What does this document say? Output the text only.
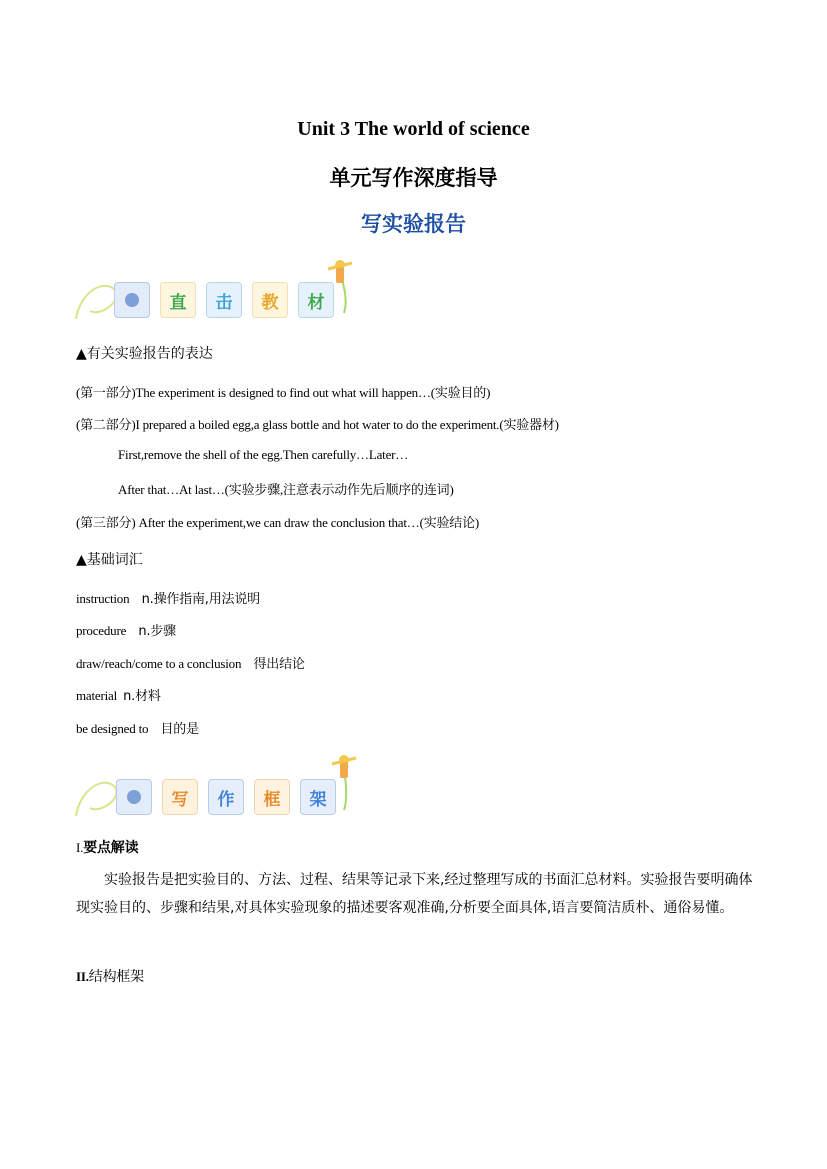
Unit 3 The world of science
单元写作深度指导
写实验报告
直	击	教	材
▲有关实验报告的表达
(第一部分)The experiment is designed to find out what will happen…(实验目的)
(第二部分)I prepared a boiled egg,a glass bottle and hot water to do the experiment.(实验器材)
First,remove the shell of the egg.Then carefully…Later…
After that…At last…(实验步骤,注意表示动作先后顺序的连词)
(第三部分) After the experiment,we can draw the conclusion that…(实验结论)
▲基础词汇
instruction n.操作指南,用法说明
procedure n.步骤
draw/reach/come to a conclusion 得出结论
material n.材料
be designed to 目的是
写	作	框	架
I.要点解读
实验报告是把实验目的、方法、过程、结果等记录下来,经过整理写成的书面汇总材料。实验报告要明确体现实验目的、步骤和结果,对具体实验现象的描述要客观准确,分析要全面具体,语言要简洁质朴、通俗易懂。
II.结构框架
